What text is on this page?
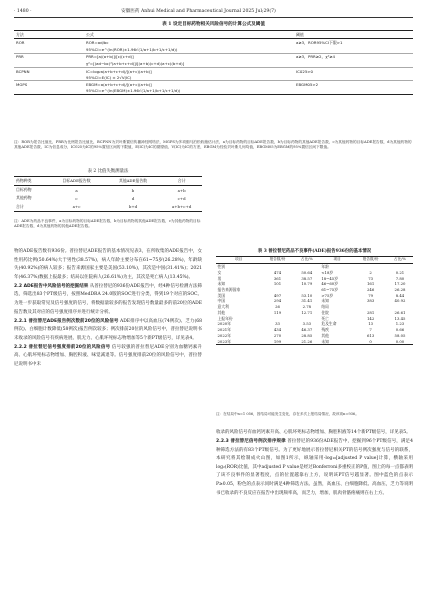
· 1480 ·	安徽医药 Anhui Medical and Pharmaceutical Journal 2025 Jul;29(7)
表 1 设定目标药物相关风险信号的计算公式及阈值
方法	公式	阈值
ROR	ROR=ad/bc	a≥3，ROR95%CI下限>1
	95%CI=e^(ln(ROR)±1.96√(1/a+1/b+1/c+1/d))	
PRR	PRR=[a/(a+b)]/[c/(c+d)]	a≥3，PRR≥2，χ²≥4
	χ²=[(ad−bc)²(a+b+c+d)]/[(a+b)(c+d)(a+c)(b+d)]	
BCPNN	IC=log₂a(a+b+c+d)/[(a+c)(a+b)]	IC025>0
	95%CI=E(IC) ± 2√V(IC)	
MGPS	EBGM=a(a+b+c+d)/[(a+c)(a+b)]	EBGM05>2
	95%CI=e^(ln(EBGM)±1.96√(1/a+1/b+1/c+1/d))	
注：ROR为报告比值比，PRR为比例报告比值比，BCPNN为贝叶斯置信传播神经网络法，MGPS为多项伽马泊松收缩估计法，a为目标药物的目标ADE报告数，b为目标药物的其他ADE报告数，c为其他药物的目标ADE报告数，d为其他药物的其他ADE报告数，IC为信息成分，IC025为IC的95%置信区间的下限值，E(IC)为IC的期望值，V(IC)为IC的方差，EBGM为经验贝叶斯几何均值，EBGM05为EBGM的95%置信区间下限值。
表 2 比值失衡测量法
药物种类	目标ADE报告数	其他ADE报告数	合计
目标药物	a	b	a+b
其他药物	c	d	c+d
合计	a+c	b+d	a+b+c+d
注：ADE为药品不良事件，a为目标药物的目标ADE报告数，b为目标药物的其他ADE报告数，c为其他药物的目标ADE报告数，d为其他药物的其他ADE报告数。

物的ADE报告数有936份。普拉替尼ADE报告的基本情况见表3，在所收集的ADE报告中，女性用药比例(50.64%)大于男性(38.57%)，病人年龄主要分布在61~75岁(26.28%)，年龄缺失(40.92%)的病人较多；报告来源国家主要是美国(53.10%)，其次是中国(31.41%)；2021年(46.37%)数据上报最多；结局以住院病人(26.61%)为主，其次是死亡病人(13.45%)。

2.2 ADE报告中风险信号的挖掘结果 从普拉替尼的936份ADE报告中，经4种信号检测方法筛选，筛选出83个PT级信号，按照MedDRA 24.0版的SOC进行分类，得到19个对应的SOC。为进一步获取常见及信号强度的信号，将数据量较多的报告发现信号数量最多的前20位的ADE报告数及其对应的信号强度排序并进行统计分析。

2.2.1 普拉替尼ADE报告例次数前20位的风险信号 ADE排序中以高血压(74例次)、乏力(68例次)、白细胞计数降低(58例次)报告例次较多；例次排前20位的风险信号中，普拉替尼说明书未收录的风险信号有疾病进展、肌无力、心肌坏死标志物增加等5个新PT级信号，详见表4。

2.2.2 普拉替尼信号强度排前20位的风险信号 信号较强的普拉替尼ADE分别为血糖钙素升高、心肌坏死标志物增加、胸腔积液、味觉减退等。信号强度排前20位的风险信号中，普拉替尼说明书中未

表 3 普拉替尼药品不良事件(ADE)报告936份的基本情况
项目	报告数/份	占比/%	项目	报告数/份	占比/%
性别			年龄		
女	474	50.64	<18岁	2	0.21
男	361	38.57	18~45岁	73	7.80
未知	101	10.79	46~60岁	161	17.20
报告来源国家			61~75岁	246	26.28
美国	497	53.10	>75岁	79	8.44
中国	294	31.41	未知	383	40.92
意大利	26	2.78	结局		
其他	119	12.71	住院	281	26.61
上报年份			死亡	142	13.45
2020年	33	3.53	危及生命	13	1.23
2021年	434	46.37	残疾	7	0.66
2022年	270	28.85	其他	613	58.05
2023年	199	21.26	未知	0	0.00
注：在结局中n=1 056，因结局可能发生变化，存在多次上报结局情况，故该项n=936。

收录的风险信号有血钙钙素升高、心肌坏死标志物增加、胸腔积液等14个新PT级信号，详见表5。

2.2.3 普拉替尼信号例次排序规律 普拉替尼的936份ADE报告中，挖掘到96个PT级信号，满足4种筛选方法的有83个PT级信号。为了更好地展示普拉替尼相关PT的信号例次强度与信号的联系，本研究将其绘制成火山图，如图1所示，纵轴采用-log₁₀[adjusted P value]计算，横轴采用log₂(ROR)比值，其中adjusted P value是经过Bonferroni多重校正的P值，图上的每一点都表明了该不良事件的显著程度，点的位置越靠右上方，说明该PT信号越显著。图中蓝色的点表示P≥0.05，粉色的点表示同时满足4种筛选方法。虽然，高血压、白细胞降低、高血压，乏力等说明书已收录的不良反应在报告中出现频率高，而乏力，增加，肌肉骨骼疼痛则在右上方。
